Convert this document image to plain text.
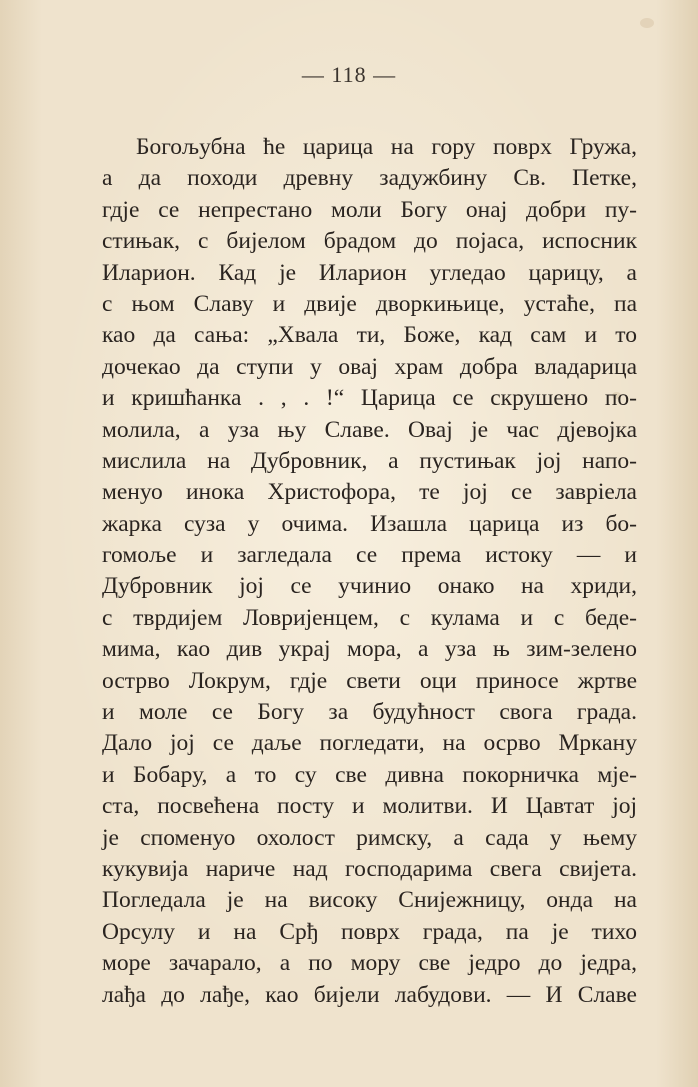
— 118 —
Богољубна ће царица на гору поврх Гружа,
а да походи древну задужбину Св. Петке,
гдје се непрестано моли Богу онај добри пу-
стињак, с бијелом брадом до појаса, испосник
Иларион. Кад је Иларион угледао царицу, а
с њом Славу и двије дворкињице, устаће, па
као да сања: „Хвала ти, Боже, кад сам и то
дочекао да ступи у овај храм добра владарица
и кришћанка . , . !“ Царица се скрушено по-
молила, а уза њу Славе. Овај је час дјевојка
мислила на Дубровник, а пустињак јој напо-
менуо инока Христофора, те јој се завріела
жарка суза у очима. Изашла царица из бо-
гомоље и загледала се према истоку — и
Дубровник јој се учинио онако на хриди,
с тврдијем Ловријенцем, с кулама и с беде-
мима, као див украј мора, а уза њ зим-зелено
острво Локрум, гдје свети оци приносе жртве
и моле се Богу за будућност свога града.
Дало јој се даље погледати, на осрво Мркану
и Бобару, а то су све дивна покорничка мје-
ста, посвећена посту и молитви. И Цавтат јој
је споменуо охолост римску, а сада у њему
кукувија нариче над господарима свега свијета.
Погледала је на високу Снијежницу, онда на
Орсулу и на Срђ поврх града, па је тихо
море зачарало, а по мору све једро до једра,
лађа до лађе, као бијели лабудови. — И Славе
